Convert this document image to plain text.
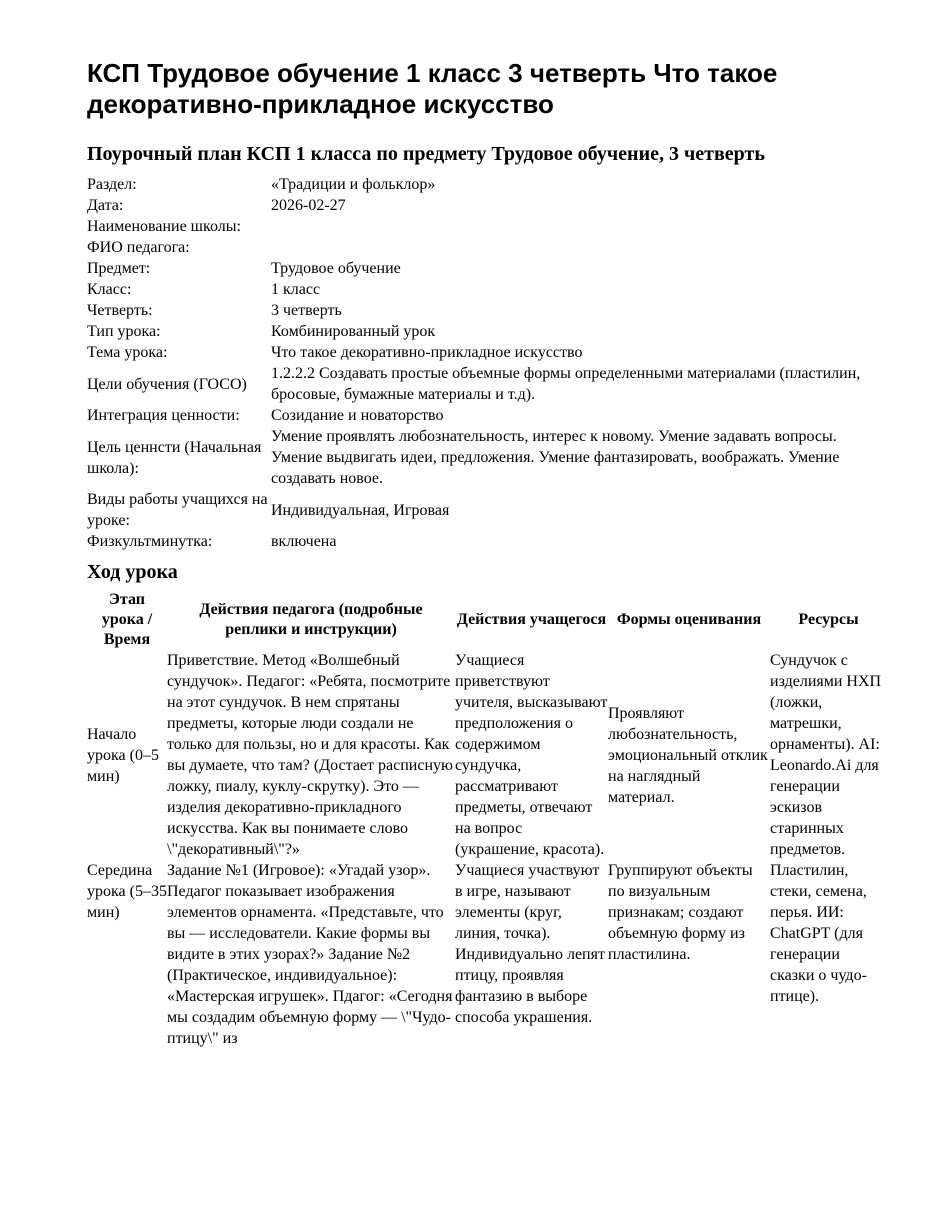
КСП Трудовое обучение 1 класс 3 четверть Что такое декоративно-прикладное искусство
Поурочный план КСП 1 класса по предмету Трудовое обучение, 3 четверть
Раздел:	«Традиции и фольклор»
Дата:	2026-02-27
Наименование школы:	
ФИО педагога:	
Предмет:	Трудовое обучение
Класс:	1 класс
Четверть:	3 четверть
Тип урока:	Комбинированный урок
Тема урока:	Что такое декоративно-прикладное искусство
Цели обучения (ГОСО)	1.2.2.2 Создавать простые объемные формы определенными материалами (пластилин, бросовые, бумажные материалы и т.д).
Интеграция ценности:	Созидание и новаторство
Цель ценнсти (Начальная школа):	Умение проявлять любознательность, интерес к новому. Умение задавать вопросы. Умение выдвигать идеи, предложения. Умение фантазировать, воображать. Умение создавать новое.
Виды работы учащихся на уроке:	Индивидуальная, Игровая
Физкультминутка:	включена
Ход урока
Этап урока / Время	Действия педагога (подробные реплики и инструкции)	Действия учащегося	Формы оценивания	Ресурсы
Начало урока (0–5 мин)	Приветствие. Метод «Волшебный сундучок». Педагог: «Ребята, посмотрите на этот сундучок. В нем спрятаны предметы, которые люди создали не только для пользы, но и для красоты. Как вы думаете, что там? (Достает расписную ложку, пиалу, куклу-скрутку). Это — изделия декоративно-прикладного искусства. Как вы понимаете слово \"декоративный\"?»	Учащиеся приветствуют учителя, высказывают предположения о содержимом сундучка, рассматривают предметы, отвечают на вопрос (украшение, красота).	Проявляют любознательность, эмоциональный отклик на наглядный материал.	Сундучок с изделиями НХП (ложки, матрешки, орнаменты). AI: Leonardo.Ai для генерации эскизов старинных предметов.
Середина урока (5–35 мин)	Задание №1 (Игровое): «Угадай узор». Педагог показывает изображения элементов орнамента. «Представьте, что вы — исследователи. Какие формы вы видите в этих узорах?» Задание №2 (Практическое, индивидуальное): «Мастерская игрушек». Пдагог: «Сегодня мы создадим объемную форму — \"Чудо-птицу\" из	Учащиеся участвуют в игре, называют элементы (круг, линия, точка). Индивидуально лепят птицу, проявляя фантазию в выборе способа украшения.	Группируют объекты по визуальным признакам; создают объемную форму из пластилина.	Пластилин, стеки, семена, перья. ИИ: ChatGPT (для генерации сказки о чудо-птице).
